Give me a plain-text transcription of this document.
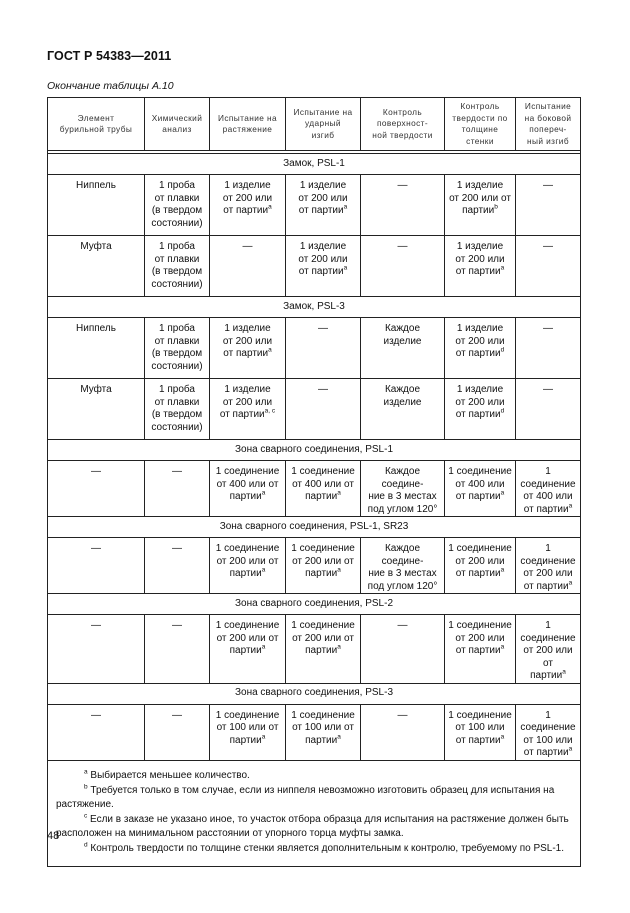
ГОСТ Р 54383—2011
Окончание таблицы А.10
Элемент
бурильной трубы	Химический
анализ	Испытание на
растяжение	Испытание на
ударный
изгиб	Контроль
поверхност-
ной твердости	Контроль
твердости по
толщине
стенки	Испытание
на боковой
попереч-
ный изгиб

Замок, PSL-1						
Ниппель	1 проба
от плавки
(в твердом
состоянии)	1 изделие
от 200 или
от партии$^a$	1 изделие
от 200 или
от партии$^a$	—	1 изделие
от 200 или от
партии$^b$	—
Муфта	1 проба
от плавки
(в твердом
состоянии)	—	1 изделие
от 200 или
от партии$^a$	—	1 изделие
от 200 или
от партии$^a$	—
Замок, PSL-3						
Ниппель	1 проба
от плавки
(в твердом
состоянии)	1 изделие
от 200 или
от партии$^a$	—	Каждое
изделие	1 изделие
от 200 или
от партии$^d$	—
Муфта	1 проба
от плавки
(в твердом
состоянии)	1 изделие
от 200 или
от партии$^{a, c}$	—	Каждое
изделие	1 изделие
от 200 или
от партии$^d$	—
Зона сварного соединения, PSL-1						
—	—	1 соединение
от 400 или от
партии$^a$	1 соединение
от 400 или от
партии$^a$	Каждое соедине-
ние в 3 местах
под углом 120°	1 соединение
от 400 или
от партии$^a$	1 соединение
от 400 или
от партии$^a$
Зона сварного соединения, PSL-1, SR23						
—	—	1 соединение
от 200 или от
партии$^a$	1 соединение
от 200 или от
партии$^a$	Каждое соедине-
ние в 3 местах
под углом 120°	1 соединение
от 200 или
от партии$^a$	1 соединение
от 200 или
от партии$^a$
Зона сварного соединения, PSL-2						
—	—	1 соединение
от 200 или от
партии$^a$	1 соединение
от 200 или от
партии$^a$	—	1 соединение
от 200 или
от партии$^a$	1 соединение
от 200 или от
партии$^a$
Зона сварного соединения, PSL-3						
—	—	1 соединение
от 100 или от
партии$^a$	1 соединение
от 100 или от
партии$^a$	—	1 соединение
от 100 или
от партии$^a$	1 соединение
от 100 или
от партии$^a$

$^a$ Выбирается меньшее количество.
$^b$ Требуется только в том случае, если из ниппеля невозможно изготовить образец для испытания на растяжение.
$^c$ Если в заказе не указано иное, то участок отбора образца для испытания на растяжение должен быть расположен на минимальном расстоянии от упорного торца муфты замка.
$^d$ Контроль твердости по толщине стенки является дополнительным к контролю, требуемому по PSL-1.						
48
